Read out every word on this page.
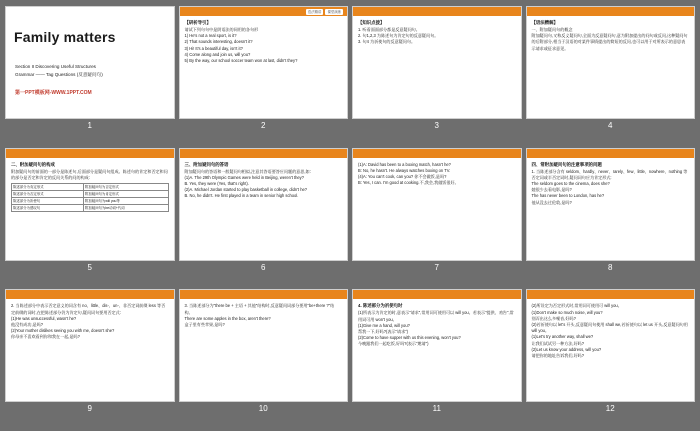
Family matters
Section II Discovering Useful Structures
Grammar —— Tag Questions (反意疑问句)
第一PPT模板网-WWW.1PPT.COM
1
语法精讲	课堂演练
【研析导引】
请试下列句句中是阴语法的同用的各句形
1) He's not a real sport, is it?
2) That sounds interesting, doesn't it?
3) Hi! It's a beautiful day, isn't it?
4) Come along and join us, will you?
5) By the way, our school soccer team won at last, didn't they?
2
【知识点拨】
1. 听看面面部分都是反意疑问句。
2. 句1,2,3 为陈述句为肯定句的反意疑问句。
3. 句4 为祈使句的反意疑问句。
3
【语法精解】
一、附加疑问句的概念
附加疑问句,又称反义疑问句,全面为反意疑问句,意为附加提出的问句或反问,这种疑问句的后附部分,相当于汉语的对某件事情提出的简短的反问,也可以用于对所表示的意思表示请求或征求意见。
4
二、附加疑问句的构成
附加疑问句的前面的一部分是陈述句,后面部分是疑问句组成。陈述句的肯定和否定和问的部分是否定和肯定的反问关系的问的构成:
陈述部分为肯定形式	附加疑问句为否定形式
陈述部分为否定形式	附加疑问句为肯定形式
陈述部分为祈使句	附加疑问句为will you等
陈述部分为感叹句	附加疑问句为be动词+代词
5
三、附加疑问句的答语
附加疑问句的答语和一般疑问句相似,注意其答语要答应问题的意思,如:
(1)A. The 29th Olympic Games were held in Beijing, weren't they?
B. Yes, they were (Yes, that's right).
(2)A. Michael Jordan started to play basketball in college, didn't he?
B. No, he didn't. He first played in a team in senior high school.
6
(1)A: David has been to a boxing match, hasn't he?
B: No, he hasn't. He always watches boxing on TV.
(4)A: You can't cook, can you? 你不会做饭,是吗?
B: Yes, I can. I'm good at cooking.不,我会,我做饭很好。
7
四、常附加疑问句的注意事项的问题
1. 当陈述部分含有 seldom、hardly、never、rarely、few、little、nowhere、nothing 等否定词或半否定词时,疑问词句应为肯定形式:
The seldom goes to the cinema, does she?
她很少去看电影,是吗?
The has never been to London, has he?
他从没去过伦敦,是吗?
8
2. 当陈述部分中表示否定意义的词含有 no、little、dis-、un-、非否定词前缀 less 等否定前缀的词时,在把陈述部分仍为肯定句,疑问词句要用否定式:
(1)He was unsuccessful, wasn't he?
他没有成功,是吗?
(2)Your mother dislikes seeing you with me, doesn't she?
你母亲不喜欢看到你和我在一起,是吗?
9
3. 当陈述部分为"there be + 主语 + 其他"结构时,反意疑问词部分要用"be+there ?"结构。
There are some apples in the box, aren't there?
盒子里有些苹果,是吗?
10
4. 陈述部分为祈使句时
(1)所表示为肯定的时,意表示"请求",常用词可使用可以 will you。若表示"提供、劝告",常用词可用 won't you。
(1)Give me a hand, will you?
帮我一下,好吗?(表示"请求")
(2)Come to have supper with us this evening, won't you?
今晚跟我们一起吃饭,好吗?(表示"邀请")
11
(2)所设定为否定形式时,常用词可使用可 will you。
(1)Don't make so much noise, will you?
别弄出这么多噪音,好吗?
(2)若祈使句以 let's 开头,反意疑问句使用 shall we,若祈使句以 let us 开头,反意疑问句用 will you。
(1)Let's try another way, shall we?
让我们试试另一种方法,好吗?
(2)Let us know your address, will you?
请把你的地址告诉我们,好吗?
12
